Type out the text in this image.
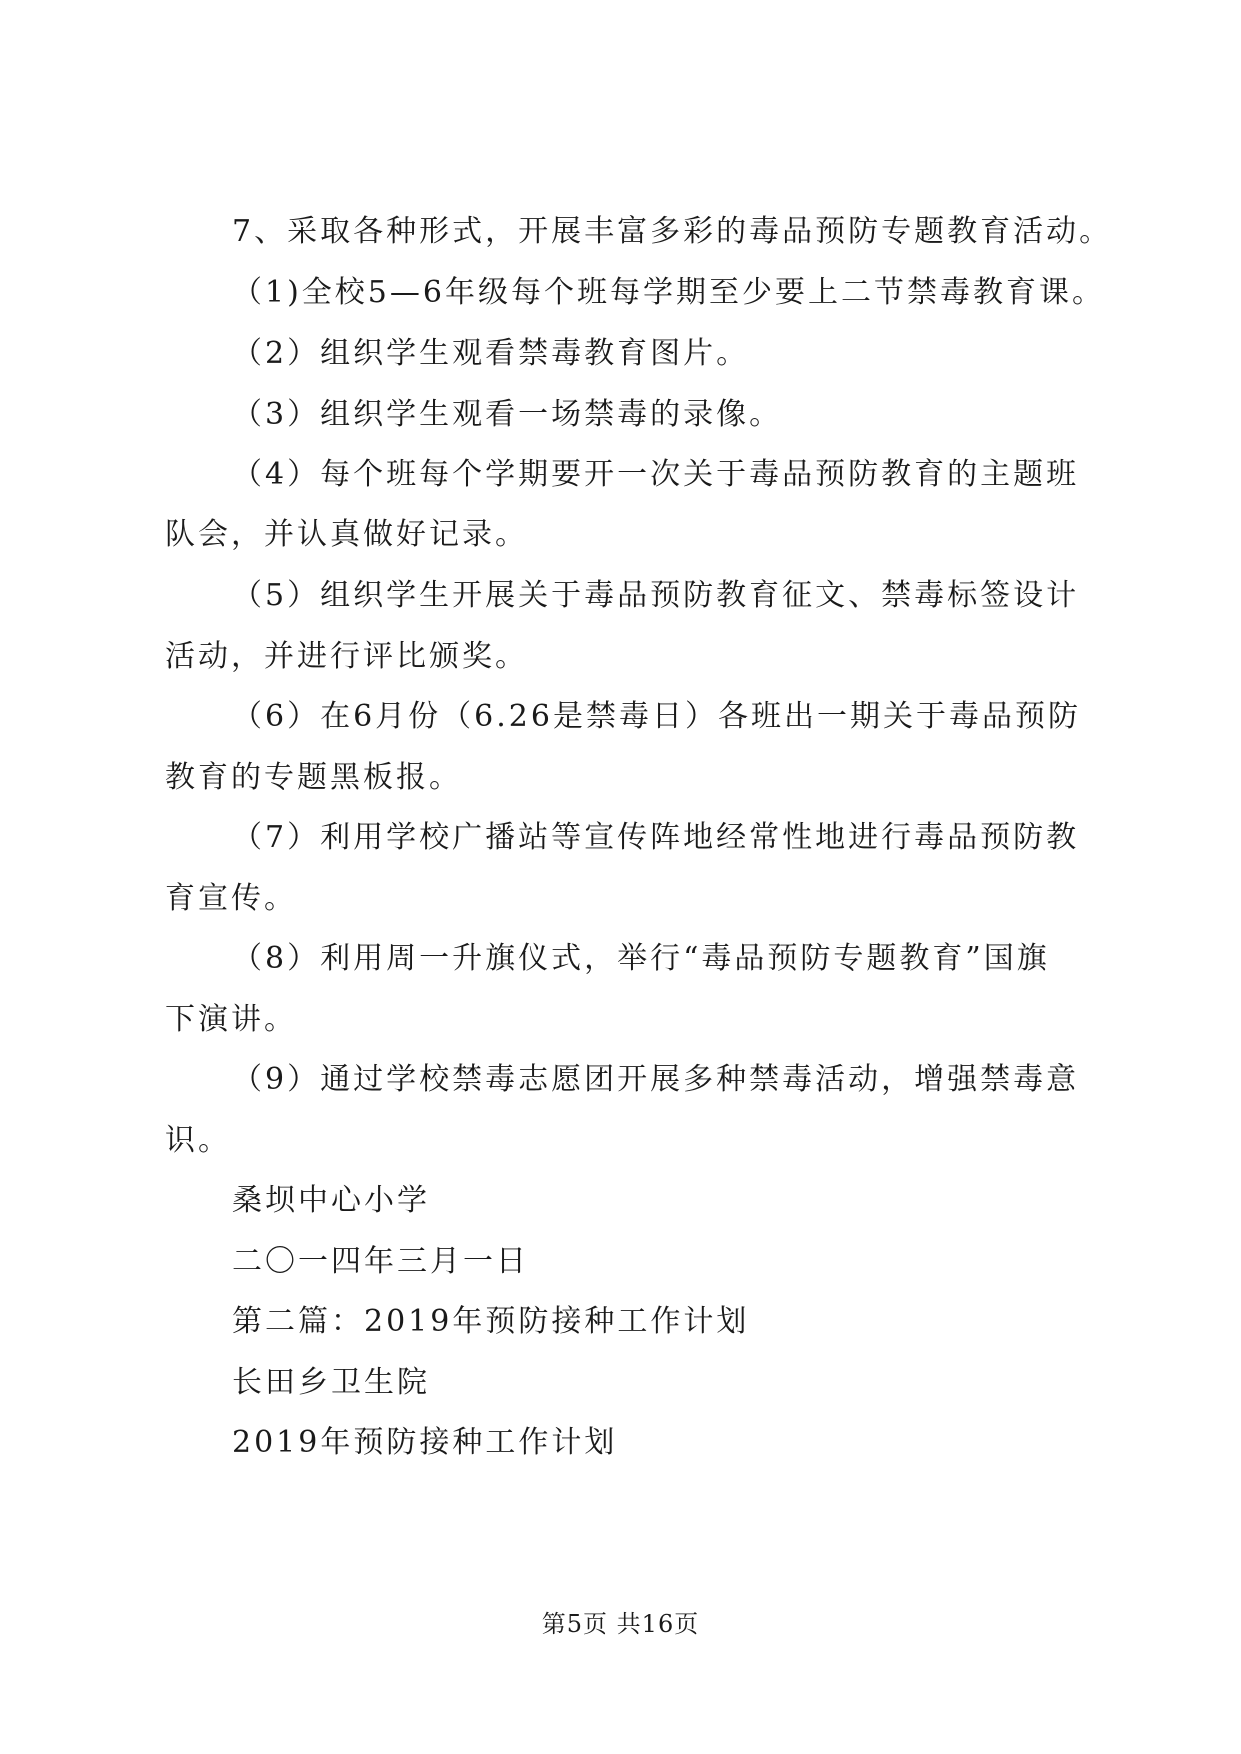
7、采取各种形式，开展丰富多彩的毒品预防专题教育活动。
（1)全校5—6年级每个班每学期至少要上二节禁毒教育课。
（2）组织学生观看禁毒教育图片。
（3）组织学生观看一场禁毒的录像。
（4）每个班每个学期要开一次关于毒品预防教育的主题班
队会，并认真做好记录。
（5）组织学生开展关于毒品预防教育征文、禁毒标签设计
活动，并进行评比颁奖。
（6）在6月份（6.26是禁毒日）各班出一期关于毒品预防
教育的专题黑板报。
（7）利用学校广播站等宣传阵地经常性地进行毒品预防教
育宣传。
（8）利用周一升旗仪式，举行“毒品预防专题教育”国旗
下演讲。
（9）通过学校禁毒志愿团开展多种禁毒活动，增强禁毒意
识。
桑坝中心小学
二〇一四年三月一日
第二篇：2019年预防接种工作计划
长田乡卫生院
2019年预防接种工作计划
第5页 共16页
